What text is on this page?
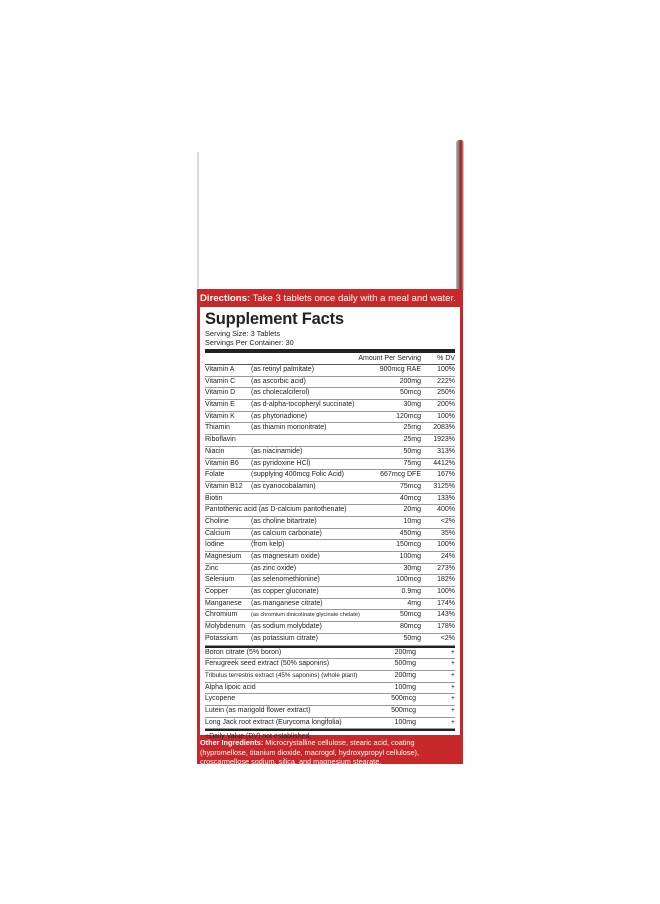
Directions: Take 3 tablets once daily with a meal and water.
Supplement Facts
Serving Size: 3 Tablets
Servings Per Container: 30
Amount Per Serving	% DV
Vitamin A	(as retinyl palmitate)	900mcg RAE	100%
Vitamin C	(as ascorbic acid)	200mg	222%
Vitamin D	(as cholecalciferol)	50mcg	250%
Vitamin E	(as d-alpha-tocopheryl succinate)	30mg	200%
Vitamin K	(as phytonadione)	120mcg	100%
Thiamin	(as thiamin mononitrate)	25mg	2083%
Riboflavin	25mg	1923%
Niacin	(as niacinamide)	50mg	313%
Vitamin B6	(as pyridoxine HCl)	75mg	4412%
Folate	(supplying 400mcg Folic Acid)	667mcg DFE	167%
Vitamin B12	(as cyanocobalamin)	75mcg	3125%
Biotin	40mcg	133%
Pantothenic acid (as D-calcium pantothenate)	20mg	400%
Choline	(as choline bitartrate)	10mg	<2%
Calcium	(as calcium carbonate)	450mg	35%
Iodine	(from kelp)	150mcg	100%
Magnesium	(as magnesium oxide)	100mg	24%
Zinc	(as zinc oxide)	30mg	273%
Selenium	(as selenomethionine)	100mcg	182%
Copper	(as copper gluconate)	0.9mg	100%
Manganese	(as manganese citrate)	4mg	174%
Chromium	(as chromium dinicotinate glycinate chelate)	50mcg	143%
Molybdenum (as sodium molybdate)	80mcg	178%
Potassium	(as potassium citrate)	50mg	<2%
Boron citrate (5% boron)	200mg	+
Fenugreek seed extract (50% saponins)	500mg	+
Tribulus terrestris extract (45% saponins) (whole plant)	200mg	+
Alpha lipoic acid	100mg	+
Lycopene	500mcg	+
Lutein (as marigold flower extract)	500mcg	+
Long Jack root extract (Eurycoma longifolia)	100mg	+
+Daily Value (DV) not established.
Other Ingredients: Microcrystalline cellulose, stearic acid, coating (hypromellose, titanium dioxide, macrogol, hydroxypropyl cellulose), croscarmellose sodium, silica, and magnesium stearate.
